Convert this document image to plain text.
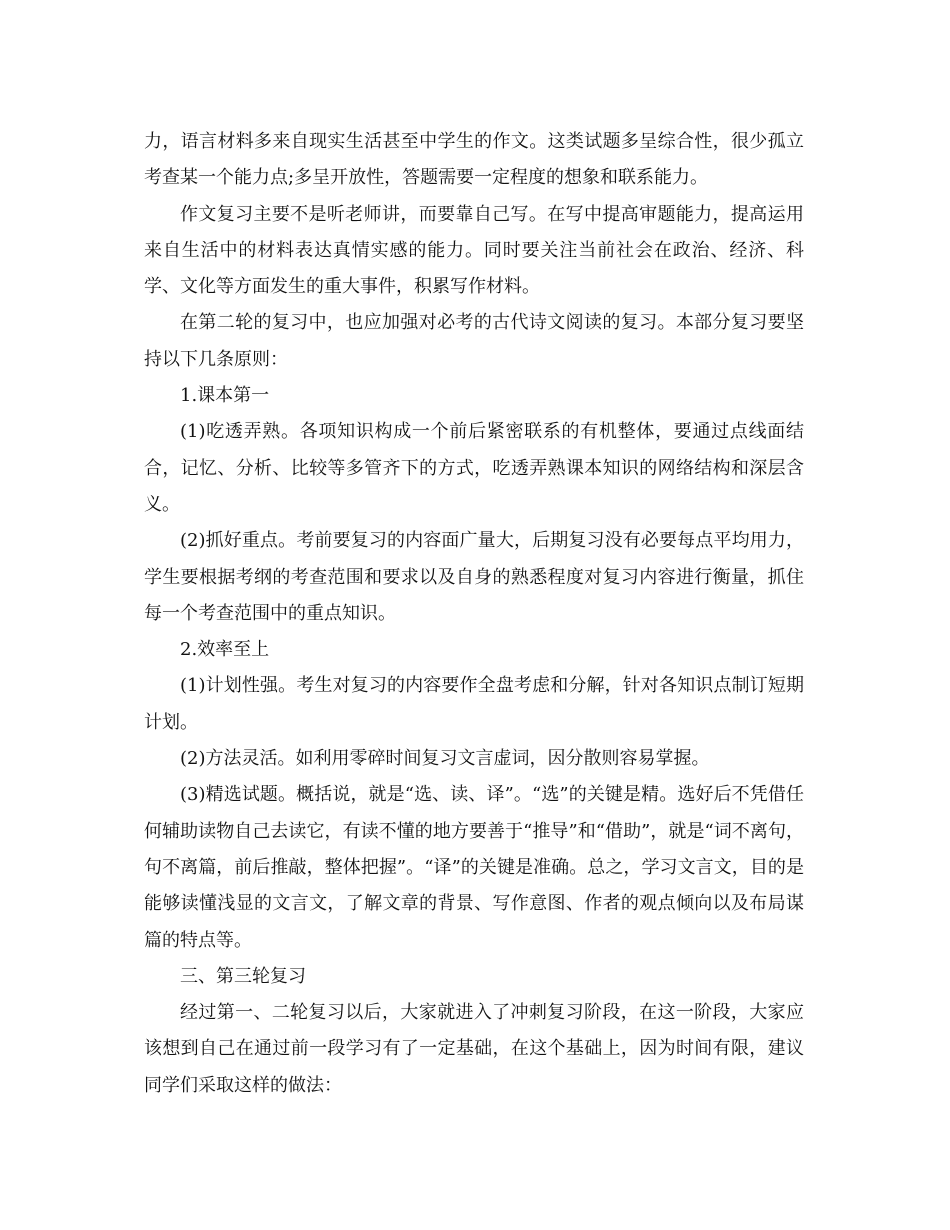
力，语言材料多来自现实生活甚至中学生的作文。这类试题多呈综合性，很少孤立考查某一个能力点;多呈开放性，答题需要一定程度的想象和联系能力。

作文复习主要不是听老师讲，而要靠自己写。在写中提高审题能力，提高运用来自生活中的材料表达真情实感的能力。同时要关注当前社会在政治、经济、科学、文化等方面发生的重大事件，积累写作材料。

在第二轮的复习中，也应加强对必考的古代诗文阅读的复习。本部分复习要坚持以下几条原则：

1.课本第一

(1)吃透弄熟。各项知识构成一个前后紧密联系的有机整体，要通过点线面结合，记忆、分析、比较等多管齐下的方式，吃透弄熟课本知识的网络结构和深层含义。

(2)抓好重点。考前要复习的内容面广量大，后期复习没有必要每点平均用力，学生要根据考纲的考查范围和要求以及自身的熟悉程度对复习内容进行衡量，抓住每一个考查范围中的重点知识。

2.效率至上

(1)计划性强。考生对复习的内容要作全盘考虑和分解，针对各知识点制订短期计划。

(2)方法灵活。如利用零碎时间复习文言虚词，因分散则容易掌握。

(3)精选试题。概括说，就是“选、读、译”。“选”的关键是精。选好后不凭借任何辅助读物自己去读它，有读不懂的地方要善于“推导”和“借助”，就是“词不离句，句不离篇，前后推敲，整体把握”。“译”的关键是准确。总之，学习文言文，目的是能够读懂浅显的文言文，了解文章的背景、写作意图、作者的观点倾向以及布局谋篇的特点等。

三、第三轮复习

经过第一、二轮复习以后，大家就进入了冲刺复习阶段，在这一阶段，大家应该想到自己在通过前一段学习有了一定基础，在这个基础上，因为时间有限，建议同学们采取这样的做法：
